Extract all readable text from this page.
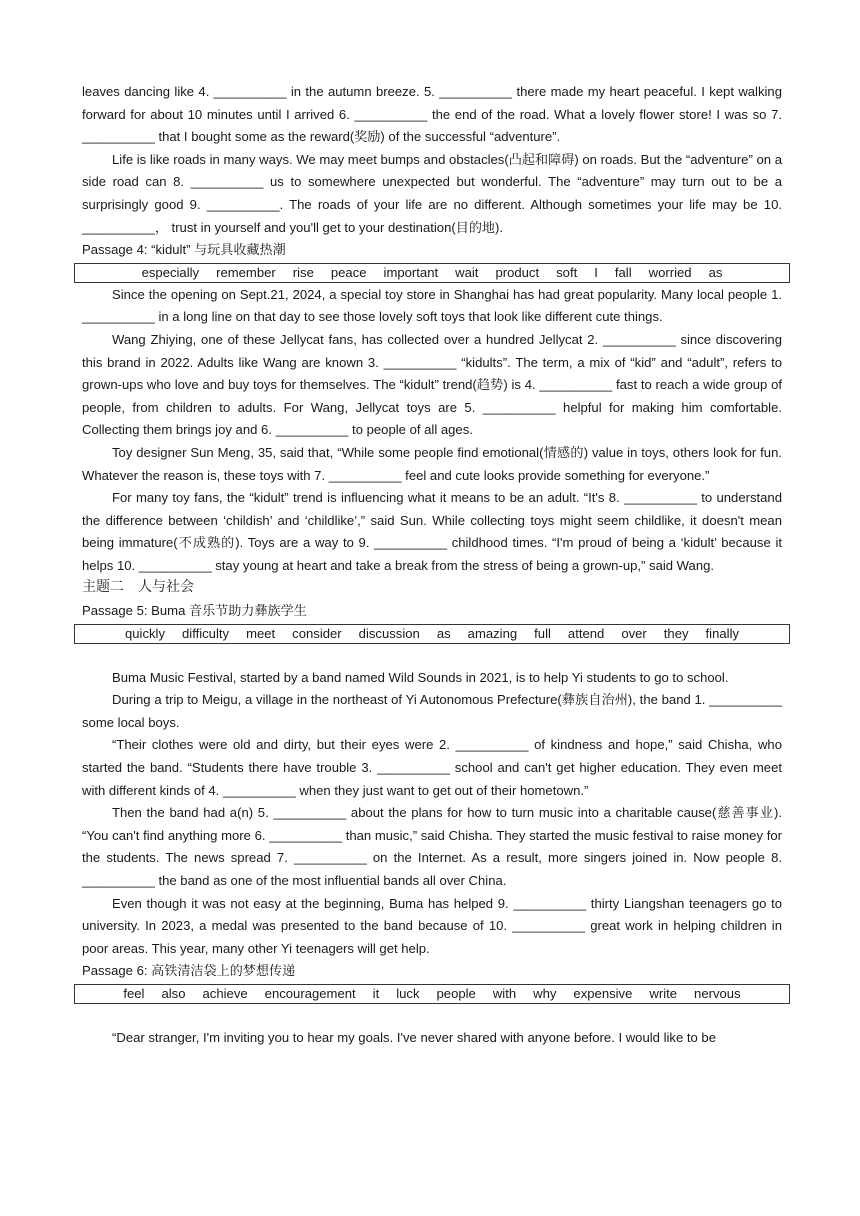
leaves dancing like 4. __________ in the autumn breeze. 5. __________ there made my heart peaceful. I kept walking forward for about 10 minutes until I arrived 6. __________ the end of the road. What a lovely flower store! I was so 7. __________ that I bought some as the reward(奖励) of the successful “adventure”.

Life is like roads in many ways. We may meet bumps and obstacles(凸起和障碍) on roads. But the “adventure” on a side road can 8. __________ us to somewhere unexpected but wonderful. The “adventure” may turn out to be a surprisingly good 9. __________. The roads of your life are no different. Although sometimes your life may be 10. __________， trust in yourself and you'll get to your destination(目的地).

Passage 4: “kidult” 与玩具收藏热潮

especially remember rise peace important wait product soft I fall worried as

Since the opening on Sept.21, 2024, a special toy store in Shanghai has had great popularity. Many local people 1. __________ in a long line on that day to see those lovely soft toys that look like different cute things.

Wang Zhiying, one of these Jellycat fans, has collected over a hundred Jellycat 2. __________ since discovering this brand in 2022. Adults like Wang are known 3. __________ “kidults”. The term, a mix of “kid” and “adult”, refers to grown-ups who love and buy toys for themselves. The “kidult” trend(趋势) is 4. __________ fast to reach a wide group of people, from children to adults. For Wang, Jellycat toys are 5. __________ helpful for making him comfortable. Collecting them brings joy and 6. __________ to people of all ages.

Toy designer Sun Meng, 35, said that, “While some people find emotional(情感的) value in toys, others look for fun. Whatever the reason is, these toys with 7. __________ feel and cute looks provide something for everyone.”

For many toy fans, the “kidult” trend is influencing what it means to be an adult. “It's 8. __________ to understand the difference between ‘childish’ and ‘childlike’,” said Sun. While collecting toys might seem childlike, it doesn't mean being immature(不成熟的). Toys are a way to 9. __________ childhood times. “I'm proud of being a ‘kidult’ because it helps 10. __________ stay young at heart and take a break from the stress of being a grown-up,” said Wang.

主题二　人与社会

Passage 5: Buma 音乐节助力彝族学生

quickly difficulty meet consider discussion as amazing full attend over they finally

Buma Music Festival, started by a band named Wild Sounds in 2021, is to help Yi students to go to school.

During a trip to Meigu, a village in the northeast of Yi Autonomous Prefecture(彝族自治州), the band 1. __________ some local boys.

“Their clothes were old and dirty, but their eyes were 2. __________ of kindness and hope,” said Chisha, who started the band. “Students there have trouble 3. __________ school and can't get higher education. They even meet with different kinds of 4. __________ when they just want to get out of their hometown.”

Then the band had a(n) 5. __________ about the plans for how to turn music into a charitable cause(慈善事业). “You can't find anything more 6. __________ than music,” said Chisha. They started the music festival to raise money for the students. The news spread 7. __________ on the Internet. As a result, more singers joined in. Now people 8. __________ the band as one of the most influential bands all over China.

Even though it was not easy at the beginning, Buma has helped 9. __________ thirty Liangshan teenagers go to university. In 2023, a medal was presented to the band because of 10. __________ great work in helping children in poor areas. This year, many other Yi teenagers will get help.

Passage 6: 高铁清洁袋上的梦想传递

feel also achieve encouragement it luck people with why expensive write nervous

“Dear stranger, I'm inviting you to hear my goals. I've never shared with anyone before. I would like to be
